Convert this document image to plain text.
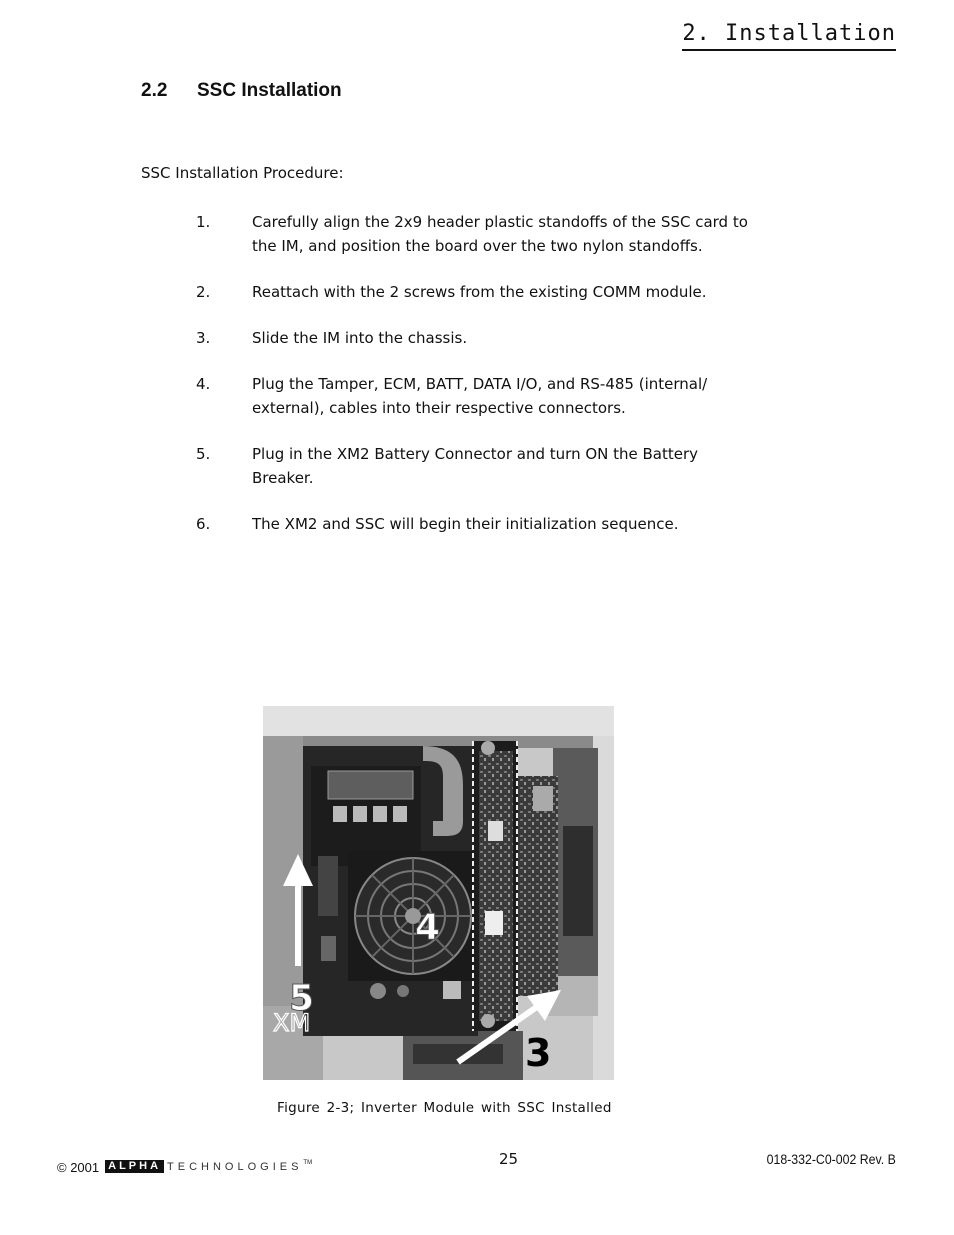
2. Installation
2.2 SSC Installation
SSC Installation Procedure:
1.	Carefully align the 2x9 header plastic standoffs of the SSC card to the IM, and position the board over the two nylon standoffs.
2.	Reattach with the 2 screws from the existing COMM module.
3.	Slide the IM into the chassis.
4.	Plug the Tamper, ECM, BATT, DATA I/O, and RS-485 (internal/ external), cables into their respective connectors.
5.	Plug in the XM2 Battery Connector and turn ON the Battery Breaker.
6.	The XM2 and SSC will begin their initialization sequence.
XM
4
5
3
Figure 2-3; Inverter Module with SSC Installed
25
© 2001 ALPHA TECHNOLOGIES TM	018-332-C0-002 Rev. B
